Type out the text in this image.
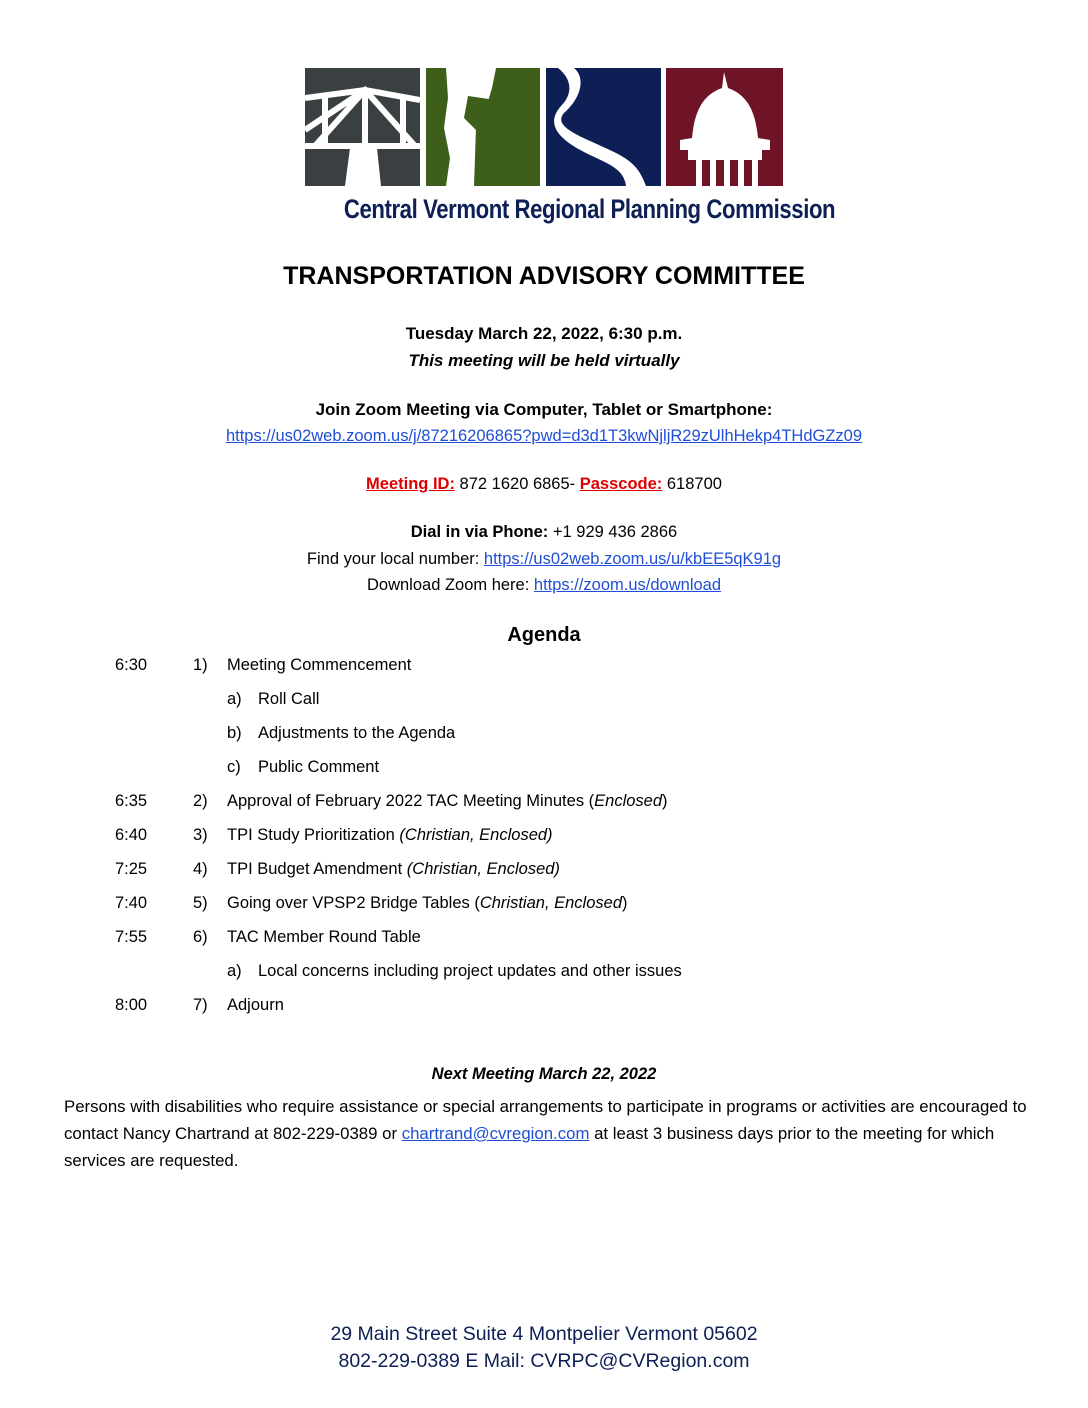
Central Vermont Regional Planning Commission
TRANSPORTATION ADVISORY COMMITTEE
Tuesday March 22, 2022, 6:30 p.m.
This meeting will be held virtually
Join Zoom Meeting via Computer, Tablet or Smartphone:
https://us02web.zoom.us/j/87216206865?pwd=d3d1T3kwNjljR29zUlhHekp4THdGZz09
Meeting ID: 872 1620 6865- Passcode: 618700
Dial in via Phone: +1 929 436 2866
Find your local number: https://us02web.zoom.us/u/kbEE5qK91g
Download Zoom here: https://zoom.us/download
Agenda
6:30	1) Meeting Commencement
a) Roll Call
b) Adjustments to the Agenda
c) Public Comment
6:35	2) Approval of February 2022 TAC Meeting Minutes (Enclosed)
6:40	3) TPI Study Prioritization (Christian, Enclosed)
7:25	4) TPI Budget Amendment (Christian, Enclosed)
7:40	5) Going over VPSP2 Bridge Tables (Christian, Enclosed)
7:55	6) TAC Member Round Table
a) Local concerns including project updates and other issues
8:00	7) Adjourn
Next Meeting March 22, 2022
Persons with disabilities who require assistance or special arrangements to participate in programs or activities are encouraged to contact Nancy Chartrand at 802-229-0389 or chartrand@cvregion.com at least 3 business days prior to the meeting for which services are requested.
29 Main Street Suite 4 Montpelier Vermont 05602
802-229-0389 E Mail: CVRPC@CVRegion.com
